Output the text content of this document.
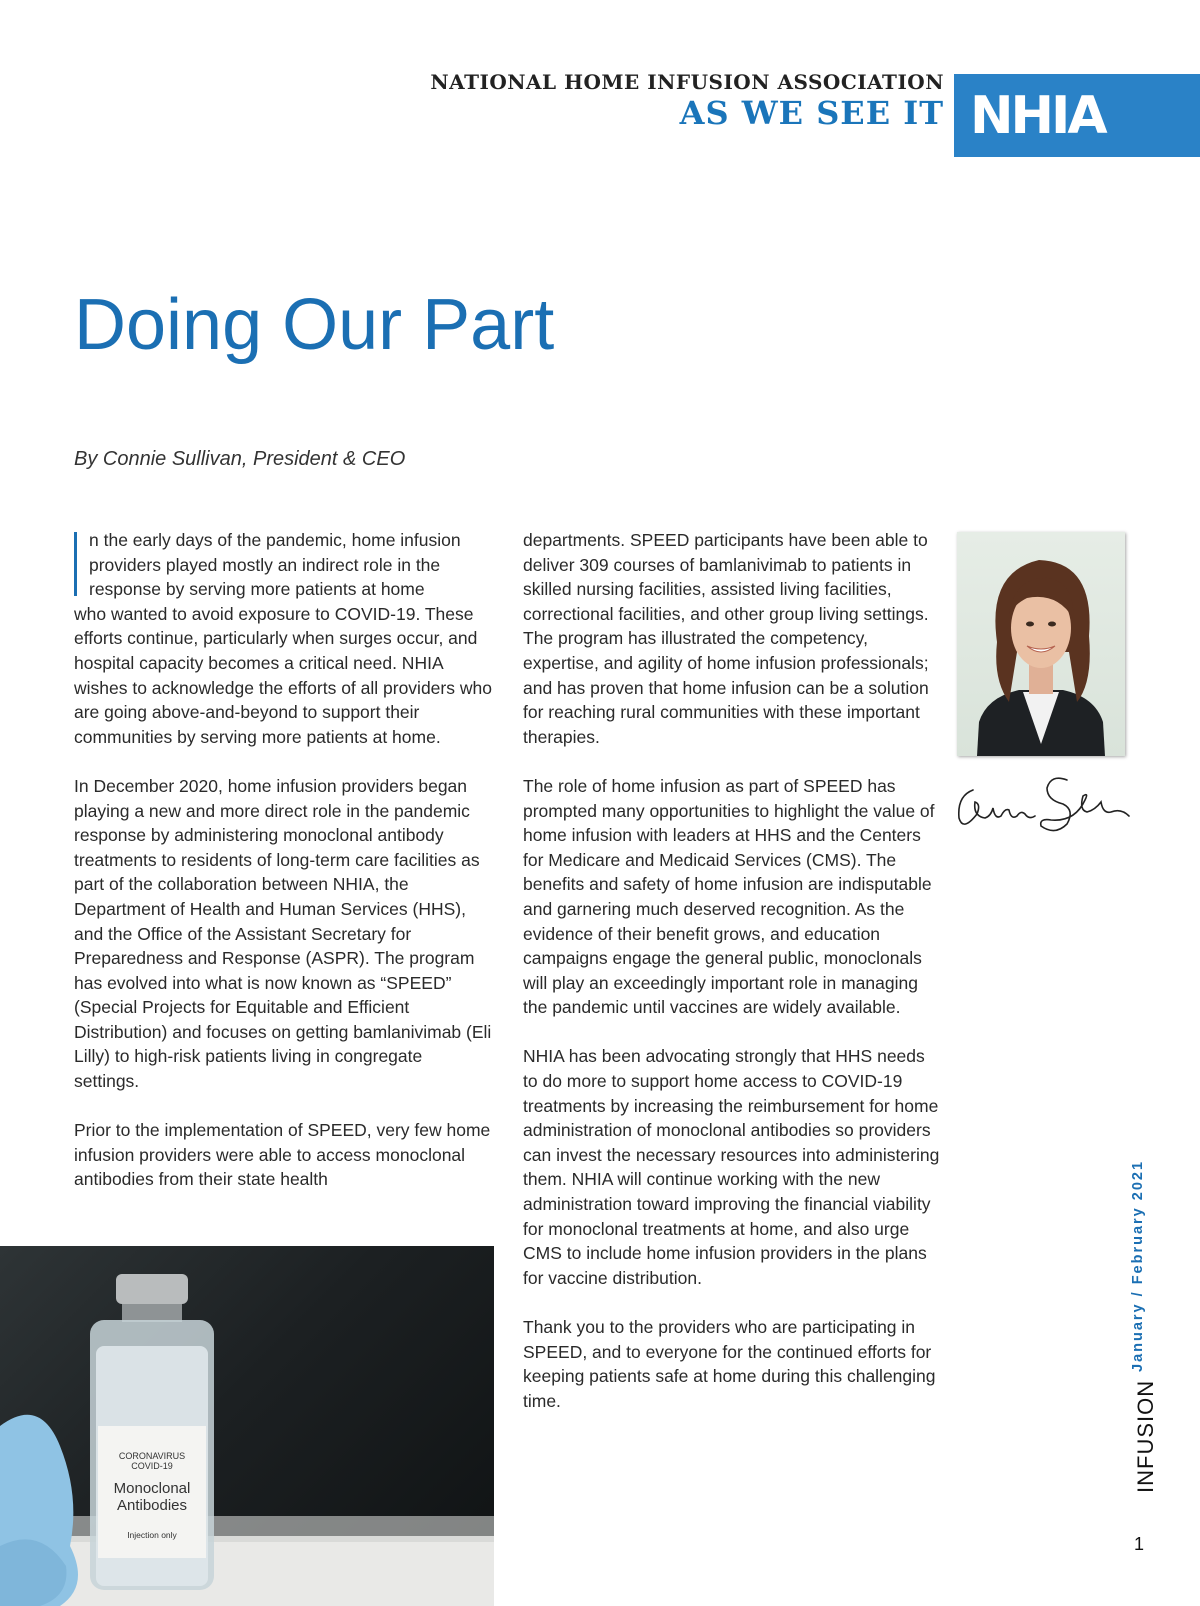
NATIONAL HOME INFUSION ASSOCIATION
AS WE SEE IT NHIA
Doing Our Part
By Connie Sullivan, President & CEO

n the early days of the pandemic, home infusion
providers played mostly an indirect role in the
response by serving more patients at home
who wanted to avoid exposure to COVID-19. These efforts continue, particularly when surges occur, and hospital capacity becomes a critical need. NHIA wishes to acknowledge the efforts of all providers who are going above-and-beyond to support their communities by serving more patients at home.

In December 2020, home infusion providers began playing a new and more direct role in the pandemic response by administering monoclonal antibody treatments to residents of long-term care facilities as part of the collaboration between NHIA, the Department of Health and Human Services (HHS), and the Office of the Assistant Secretary for Preparedness and Response (ASPR). The program has evolved into what is now known as “SPEED” (Special Projects for Equitable and Efficient Distribution) and focuses on getting bamlanivimab (Eli Lilly) to high-risk patients living in congregate settings.

Prior to the implementation of SPEED, very few home infusion providers were able to access monoclonal antibodies from their state health

departments. SPEED participants have been able to deliver 309 courses of bamlanivimab to patients in skilled nursing facilities, assisted living facilities, correctional facilities, and other group living settings. The program has illustrated the competency, expertise, and agility of home infusion professionals; and has proven that home infusion can be a solution for reaching rural communities with these important therapies.

The role of home infusion as part of SPEED has prompted many opportunities to highlight the value of home infusion with leaders at HHS and the Centers for Medicare and Medicaid Services (CMS). The benefits and safety of home infusion are indisputable and garnering much deserved recognition. As the evidence of their benefit grows, and education campaigns engage the general public, monoclonals will play an exceedingly important role in managing the pandemic until vaccines are widely available.

NHIA has been advocating strongly that HHS needs to do more to support home access to COVID-19 treatments by increasing the reimbursement for home administration of monoclonal antibodies so providers can invest the necessary resources into administering them. NHIA will continue working with the new administration toward improving the financial viability for monoclonal treatments at home, and also urge CMS to include home infusion providers in the plans for vaccine distribution.

Thank you to the providers who are participating in SPEED, and to everyone for the continued efforts for keeping patients safe at home during this challenging time.

CORONAVIRUS
COVID-19
Monoclonal
Antibodies
Injection only
January / February 2021
INFUSION
1
